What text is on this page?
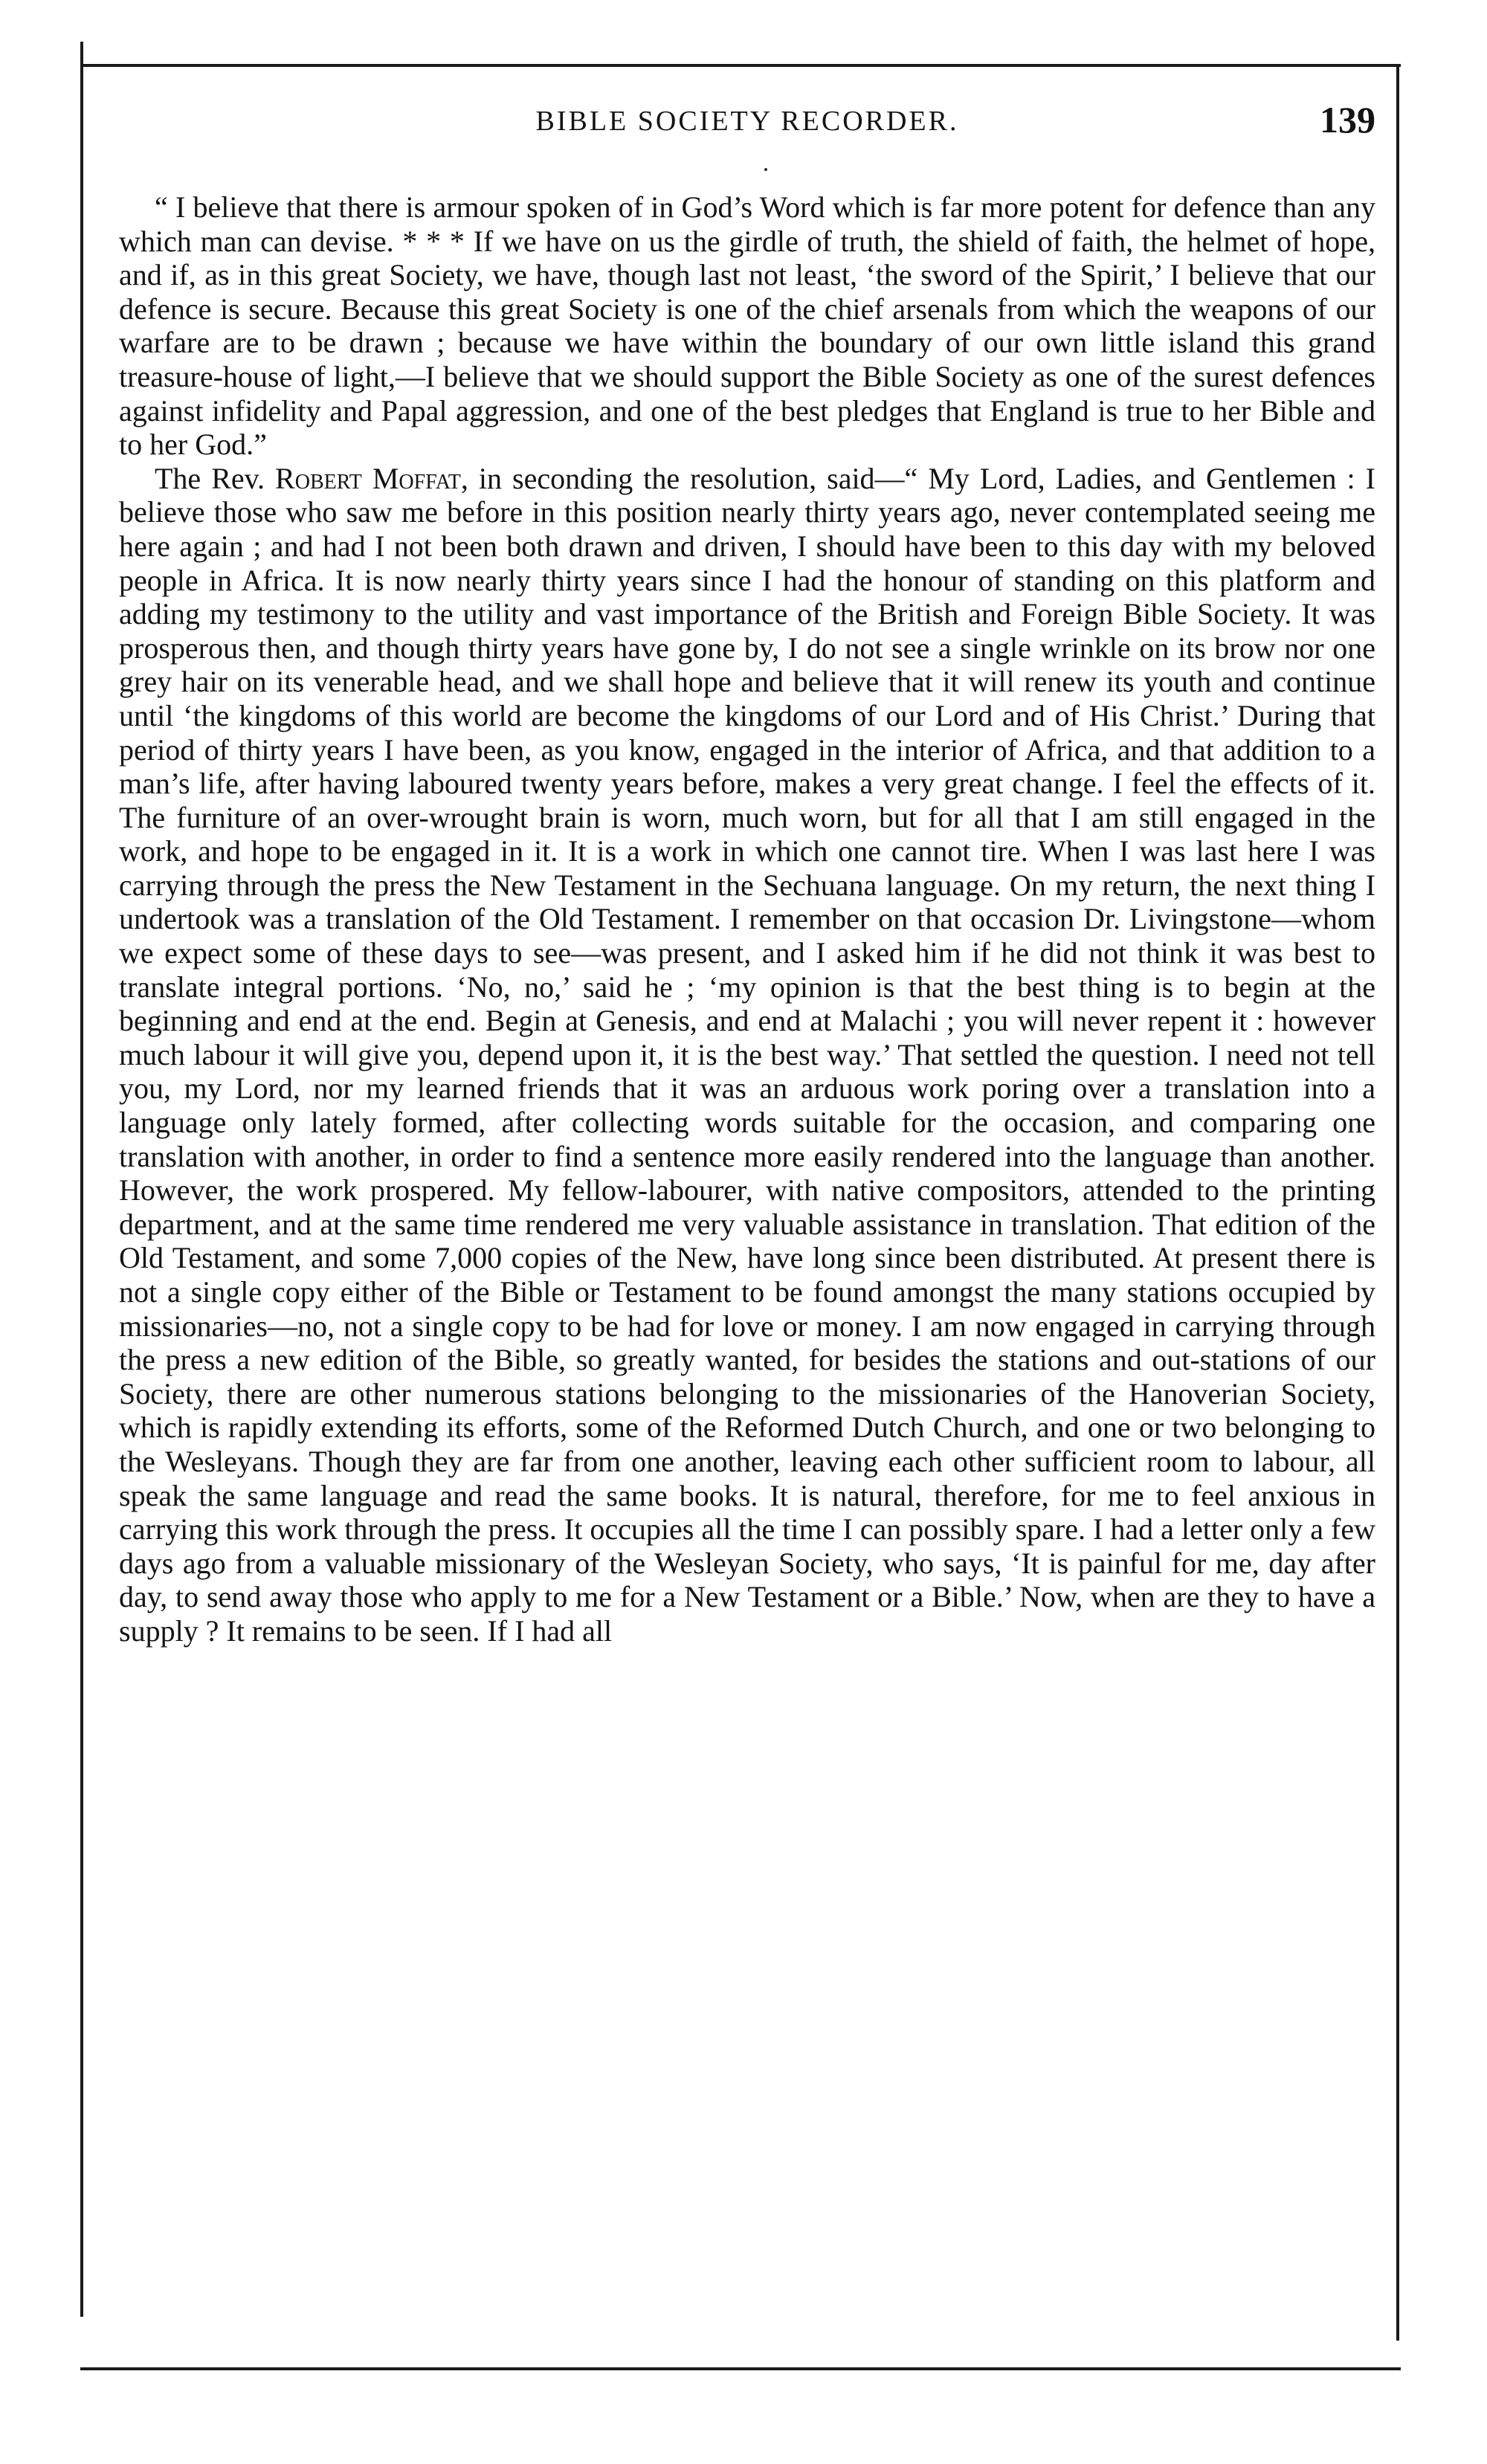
BIBLE SOCIETY RECORDER.	139

“ I believe that there is armour spoken of in God’s Word which is far more potent for defence than any which man can devise. * * * If we have on us the girdle of truth, the shield of faith, the helmet of hope, and if, as in this great Society, we have, though last not least, ‘the sword of the Spirit,’ I believe that our defence is secure. Because this great Society is one of the chief arsenals from which the weapons of our warfare are to be drawn ; because we have within the boundary of our own little island this grand treasure-house of light,—I believe that we should support the Bible Society as one of the surest defences against infidelity and Papal aggression, and one of the best pledges that England is true to her Bible and to her God.”

The Rev. Robert Moffat, in seconding the resolution, said—“ My Lord, Ladies, and Gentlemen : I believe those who saw me before in this position nearly thirty years ago, never contemplated seeing me here again ; and had I not been both drawn and driven, I should have been to this day with my beloved people in Africa. It is now nearly thirty years since I had the honour of standing on this platform and adding my testimony to the utility and vast importance of the British and Foreign Bible Society. It was prosperous then, and though thirty years have gone by, I do not see a single wrinkle on its brow nor one grey hair on its venerable head, and we shall hope and believe that it will renew its youth and continue until ‘the kingdoms of this world are become the kingdoms of our Lord and of His Christ.’ During that period of thirty years I have been, as you know, engaged in the interior of Africa, and that addition to a man’s life, after having laboured twenty years before, makes a very great change. I feel the effects of it. The furniture of an over-wrought brain is worn, much worn, but for all that I am still engaged in the work, and hope to be engaged in it. It is a work in which one cannot tire. When I was last here I was carrying through the press the New Testament in the Sechuana language. On my return, the next thing I undertook was a translation of the Old Testament. I remember on that occasion Dr. Livingstone—whom we expect some of these days to see—was present, and I asked him if he did not think it was best to translate integral portions. ‘No, no,’ said he ; ‘my opinion is that the best thing is to begin at the beginning and end at the end. Begin at Genesis, and end at Malachi ; you will never repent it : however much labour it will give you, depend upon it, it is the best way.’ That settled the question. I need not tell you, my Lord, nor my learned friends that it was an arduous work poring over a translation into a language only lately formed, after collecting words suitable for the occasion, and comparing one translation with another, in order to find a sentence more easily rendered into the language than another. However, the work prospered. My fellow-labourer, with native compositors, attended to the printing department, and at the same time rendered me very valuable assistance in translation. That edition of the Old Testament, and some 7,000 copies of the New, have long since been distributed. At present there is not a single copy either of the Bible or Testament to be found amongst the many stations occupied by missionaries—no, not a single copy to be had for love or money. I am now engaged in carrying through the press a new edition of the Bible, so greatly wanted, for besides the stations and out-stations of our Society, there are other numerous stations belonging to the missionaries of the Hanoverian Society, which is rapidly extending its efforts, some of the Reformed Dutch Church, and one or two belonging to the Wesleyans. Though they are far from one another, leaving each other sufficient room to labour, all speak the same language and read the same books. It is natural, therefore, for me to feel anxious in carrying this work through the press. It occupies all the time I can possibly spare. I had a letter only a few days ago from a valuable missionary of the Wesleyan Society, who says, ‘It is painful for me, day after day, to send away those who apply to me for a New Testament or a Bible.’ Now, when are they to have a supply ? It remains to be seen. If I had all
